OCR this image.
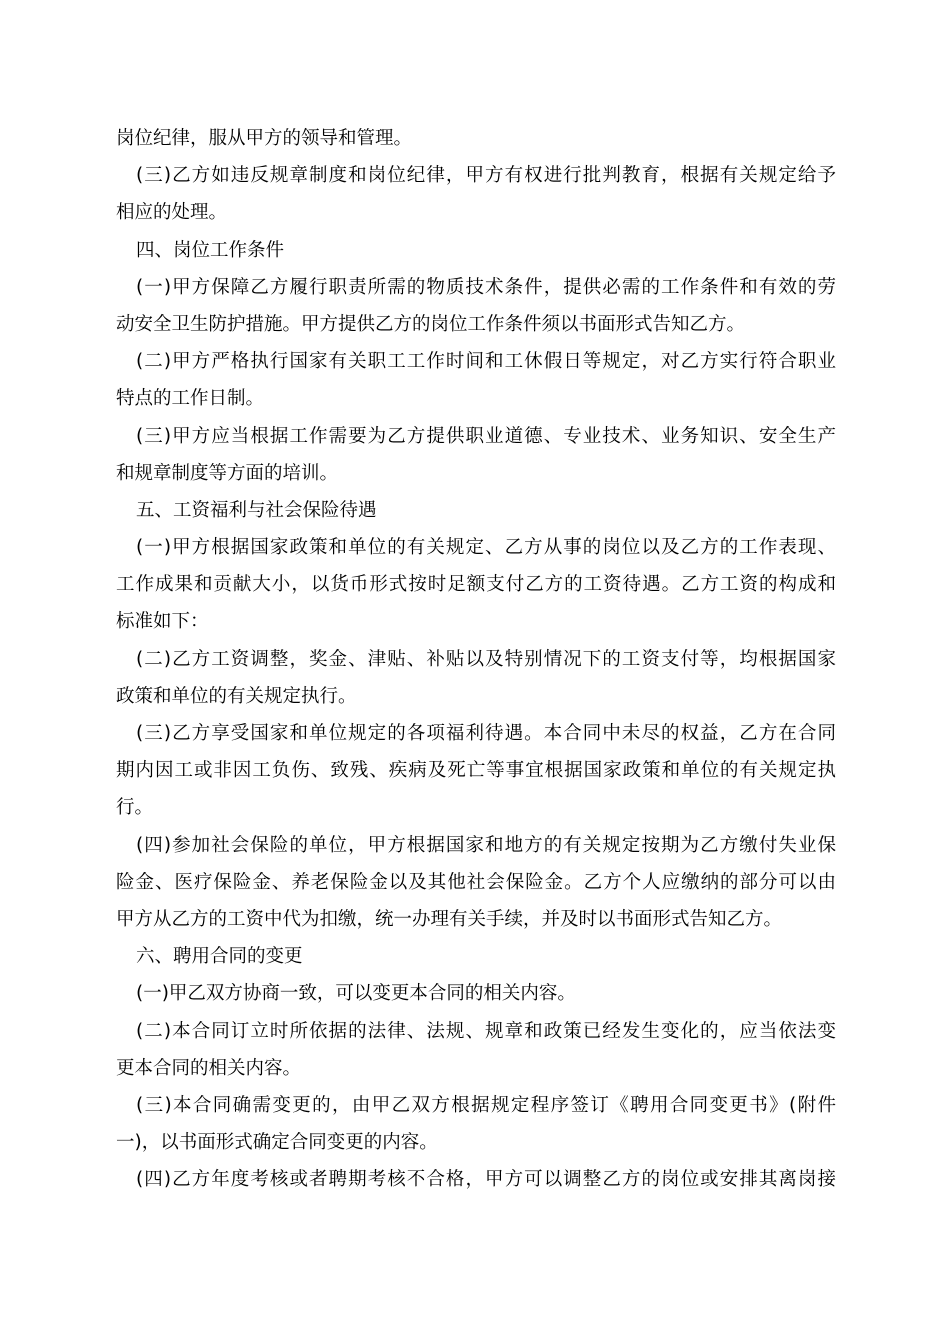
岗位纪律，服从甲方的领导和管理。
(三)乙方如违反规章制度和岗位纪律，甲方有权进行批判教育，根据有关规定给予
相应的处理。
四、岗位工作条件
(一)甲方保障乙方履行职责所需的物质技术条件，提供必需的工作条件和有效的劳
动安全卫生防护措施。甲方提供乙方的岗位工作条件须以书面形式告知乙方。
(二)甲方严格执行国家有关职工工作时间和工休假日等规定，对乙方实行符合职业
特点的工作日制。
(三)甲方应当根据工作需要为乙方提供职业道德、专业技术、业务知识、安全生产
和规章制度等方面的培训。
五、工资福利与社会保险待遇
(一)甲方根据国家政策和单位的有关规定、乙方从事的岗位以及乙方的工作表现、
工作成果和贡献大小，以货币形式按时足额支付乙方的工资待遇。乙方工资的构成和
标准如下：
(二)乙方工资调整，奖金、津贴、补贴以及特别情况下的工资支付等，均根据国家
政策和单位的有关规定执行。
(三)乙方享受国家和单位规定的各项福利待遇。本合同中未尽的权益，乙方在合同
期内因工或非因工负伤、致残、疾病及死亡等事宜根据国家政策和单位的有关规定执
行。
(四)参加社会保险的单位，甲方根据国家和地方的有关规定按期为乙方缴付失业保
险金、医疗保险金、养老保险金以及其他社会保险金。乙方个人应缴纳的部分可以由
甲方从乙方的工资中代为扣缴，统一办理有关手续，并及时以书面形式告知乙方。
六、聘用合同的变更
(一)甲乙双方协商一致，可以变更本合同的相关内容。
(二)本合同订立时所依据的法律、法规、规章和政策已经发生变化的，应当依法变
更本合同的相关内容。
(三)本合同确需变更的，由甲乙双方根据规定程序签订《聘用合同变更书》(附件
一)，以书面形式确定合同变更的内容。
(四)乙方年度考核或者聘期考核不合格，甲方可以调整乙方的岗位或安排其离岗接
